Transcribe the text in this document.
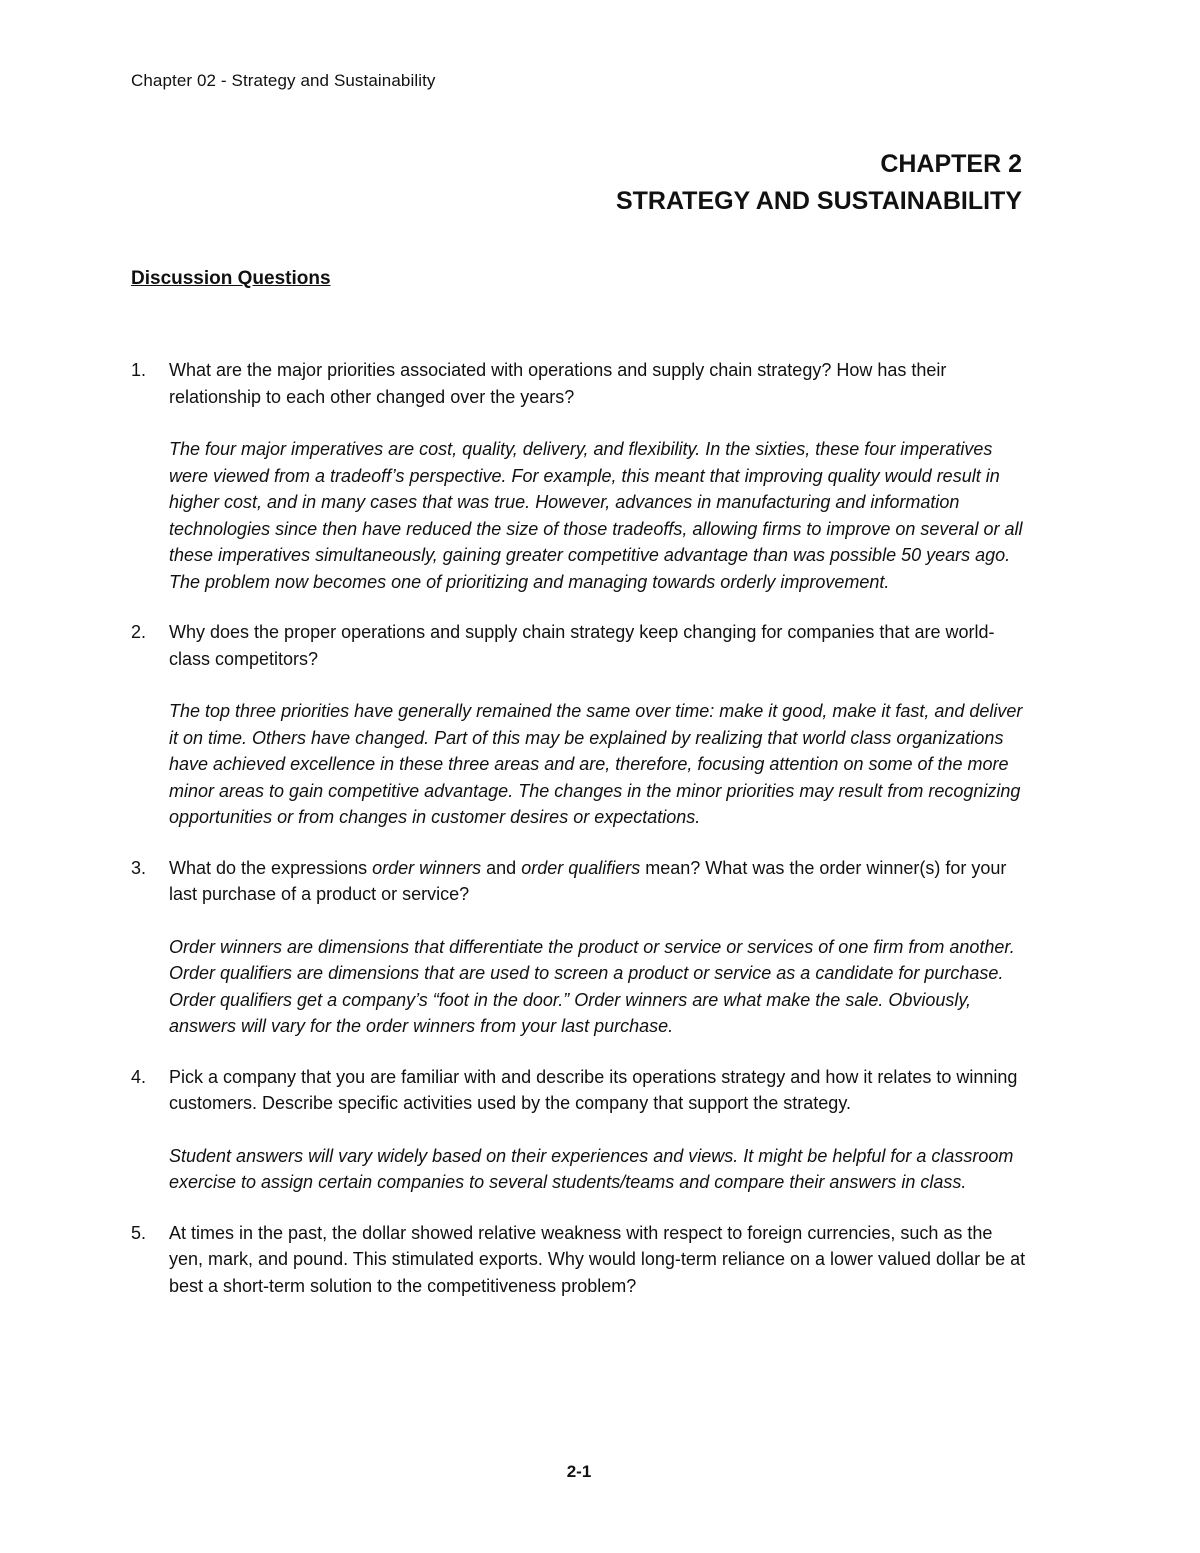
Chapter 02 - Strategy and Sustainability
CHAPTER 2
STRATEGY AND SUSTAINABILITY
Discussion Questions
1. What are the major priorities associated with operations and supply chain strategy? How has their relationship to each other changed over the years?

The four major imperatives are cost, quality, delivery, and flexibility. In the sixties, these four imperatives were viewed from a tradeoff’s perspective. For example, this meant that improving quality would result in higher cost, and in many cases that was true. However, advances in manufacturing and information technologies since then have reduced the size of those tradeoffs, allowing firms to improve on several or all these imperatives simultaneously, gaining greater competitive advantage than was possible 50 years ago. The problem now becomes one of prioritizing and managing towards orderly improvement.

2. Why does the proper operations and supply chain strategy keep changing for companies that are world-class competitors?

The top three priorities have generally remained the same over time: make it good, make it fast, and deliver it on time. Others have changed. Part of this may be explained by realizing that world class organizations have achieved excellence in these three areas and are, therefore, focusing attention on some of the more minor areas to gain competitive advantage. The changes in the minor priorities may result from recognizing opportunities or from changes in customer desires or expectations.

3. What do the expressions order winners and order qualifiers mean? What was the order winner(s) for your last purchase of a product or service?

Order winners are dimensions that differentiate the product or service or services of one firm from another. Order qualifiers are dimensions that are used to screen a product or service as a candidate for purchase. Order qualifiers get a company’s “foot in the door.” Order winners are what make the sale. Obviously, answers will vary for the order winners from your last purchase.

4. Pick a company that you are familiar with and describe its operations strategy and how it relates to winning customers. Describe specific activities used by the company that support the strategy.

Student answers will vary widely based on their experiences and views. It might be helpful for a classroom exercise to assign certain companies to several students/teams and compare their answers in class.

5. At times in the past, the dollar showed relative weakness with respect to foreign currencies, such as the yen, mark, and pound. This stimulated exports. Why would long-term reliance on a lower valued dollar be at best a short-term solution to the competitiveness problem?

2-1
